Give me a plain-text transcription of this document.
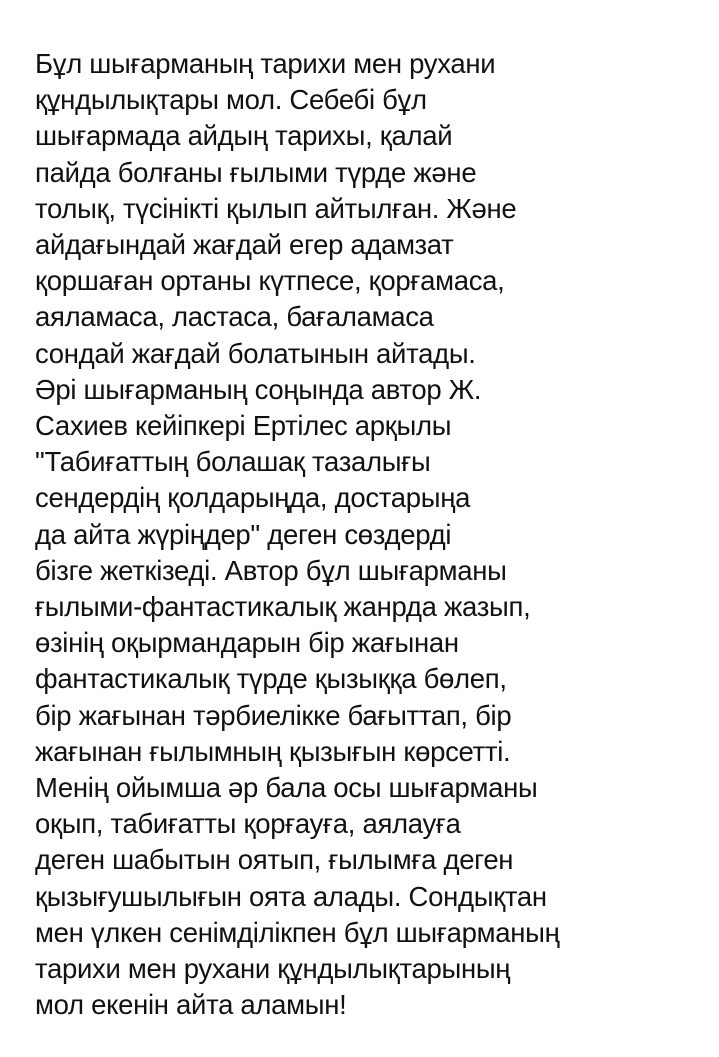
Бұл шығарманың тарихи мен рухани
құндылықтары мол. Себебі бұл
шығармада айдың тарихы, қалай
пайда болғаны ғылыми түрде және
толық, түсінікті қылып айтылған. Және
айдағындай жағдай егер адамзат
қоршаған ортаны күтпесе, қорғамаса,
аяламаса, ластаса, бағаламаса
сондай жағдай болатынын айтады.
Әрі шығарманың соңында автор Ж.
Сахиев кейіпкері Ертілес арқылы
"Табиғаттың болашақ тазалығы
сендердің қолдарыңда, достарыңа
да айта жүріңдер" деген сөздерді
бізге жеткізеді. Автор бұл шығарманы
ғылыми-фантастикалық жанрда жазып,
өзінің оқырмандарын бір жағынан
фантастикалық түрде қызыққа бөлеп,
бір жағынан тәрбиелікке бағыттап, бір
жағынан ғылымның қызығын көрсетті.
Менің ойымша әр бала осы шығарманы
оқып, табиғатты қорғауға, аялауға
деген шабытын оятып, ғылымға деген
қызығушылығын оята алады. Сондықтан
мен үлкен сенімділікпен бұл шығарманың
тарихи мен рухани құндылықтарының
мол екенін айта аламын!
